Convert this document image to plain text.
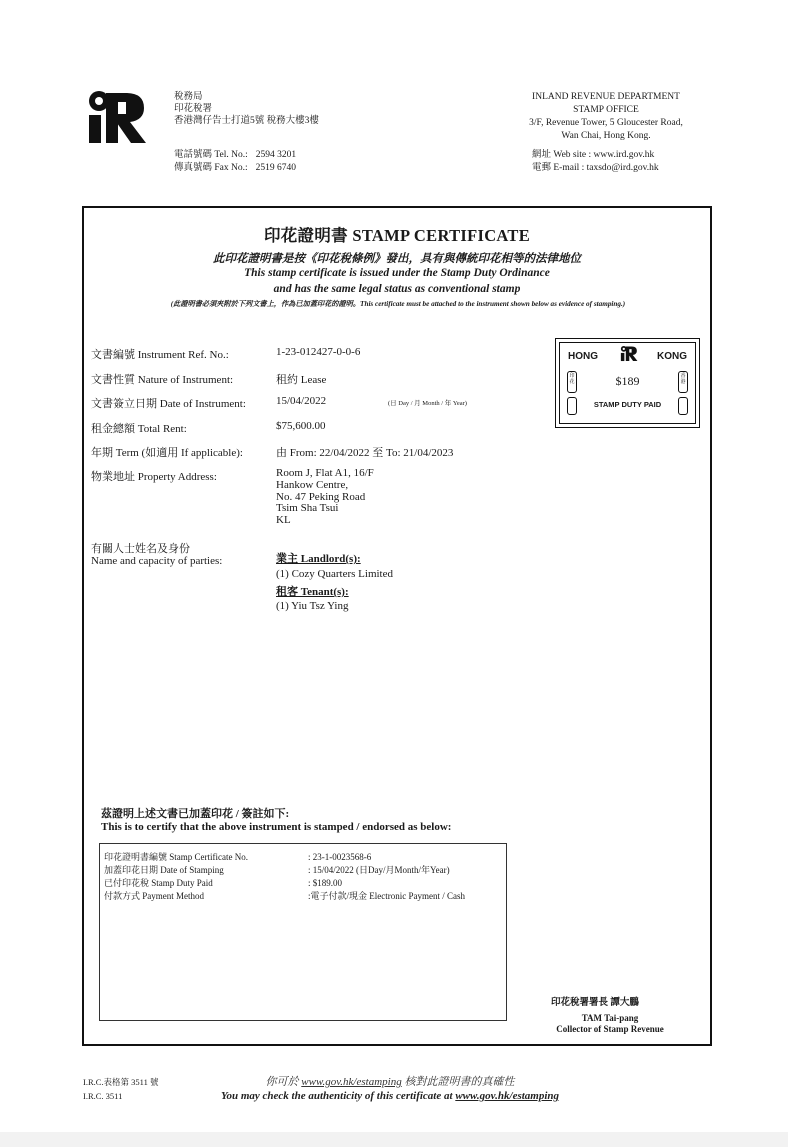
稅務局
印花稅署
香港灣仔告士打道5號 稅務大樓3樓
電話號碼 Tel. No.: 2594 3201
傳真號碼 Fax No.: 2519 6740
INLAND REVENUE DEPARTMENT
STAMP OFFICE
3/F, Revenue Tower, 5 Gloucester Road,
Wan Chai, Hong Kong.
網址 Web site : www.ird.gov.hk
電郵 E-mail : taxsdo@ird.gov.hk
印花證明書 STAMP CERTIFICATE
此印花證明書是按《印花稅條例》發出，具有與傳統印花相等的法律地位
This stamp certificate is issued under the Stamp Duty Ordinance
and has the same legal status as conventional stamp
(此證明書必須夾附於下列文書上，作為已加蓋印花的證明。This certificate must be attached to the instrument shown below as evidence of stamping.)
文書編號 Instrument Ref. No.:	1-23-012427-0-0-6
文書性質 Nature of Instrument:	租約 Lease
文書簽立日期 Date of Instrument:	15/04/2022	(日 Day / 月 Month / 年 Year)
租金總額 Total Rent:	$75,600.00
年期 Term (如適用 If applicable):	由 From: 22/04/2022 至 To: 21/04/2023
物業地址 Property Address:	Room J, Flat A1, 16/F
Hankow Centre,
No. 47 Peking Road
Tsim Sha Tsui
KL
有關人士姓名及身份
Name and capacity of parties:	業主 Landlord(s):
(1) Cozy Quarters Limited
租客 Tenant(s):
(1) Yiu Tsz Ying
HONG	KONG
印花
香港
$189
STAMP DUTY PAID
茲證明上述文書已加蓋印花 / 簽註如下:
This is to certify that the above instrument is stamped / endorsed as below:
印花證明書編號 Stamp Certificate No.	: 23-1-0023568-6
加蓋印花日期 Date of Stamping	: 15/04/2022 (日Day/月Month/年Year)
已付印花稅 Stamp Duty Paid	: $189.00
付款方式 Payment Method	:電子付款/現金 Electronic Payment / Cash
印花稅署署長 譚大鵬
TAM Tai-pang
Collector of Stamp Revenue
I.R.C.表格第 3511 號
I.R.C. 3511
你可於 www.gov.hk/estamping 核對此證明書的真確性
You may check the authenticity of this certificate at www.gov.hk/estamping
